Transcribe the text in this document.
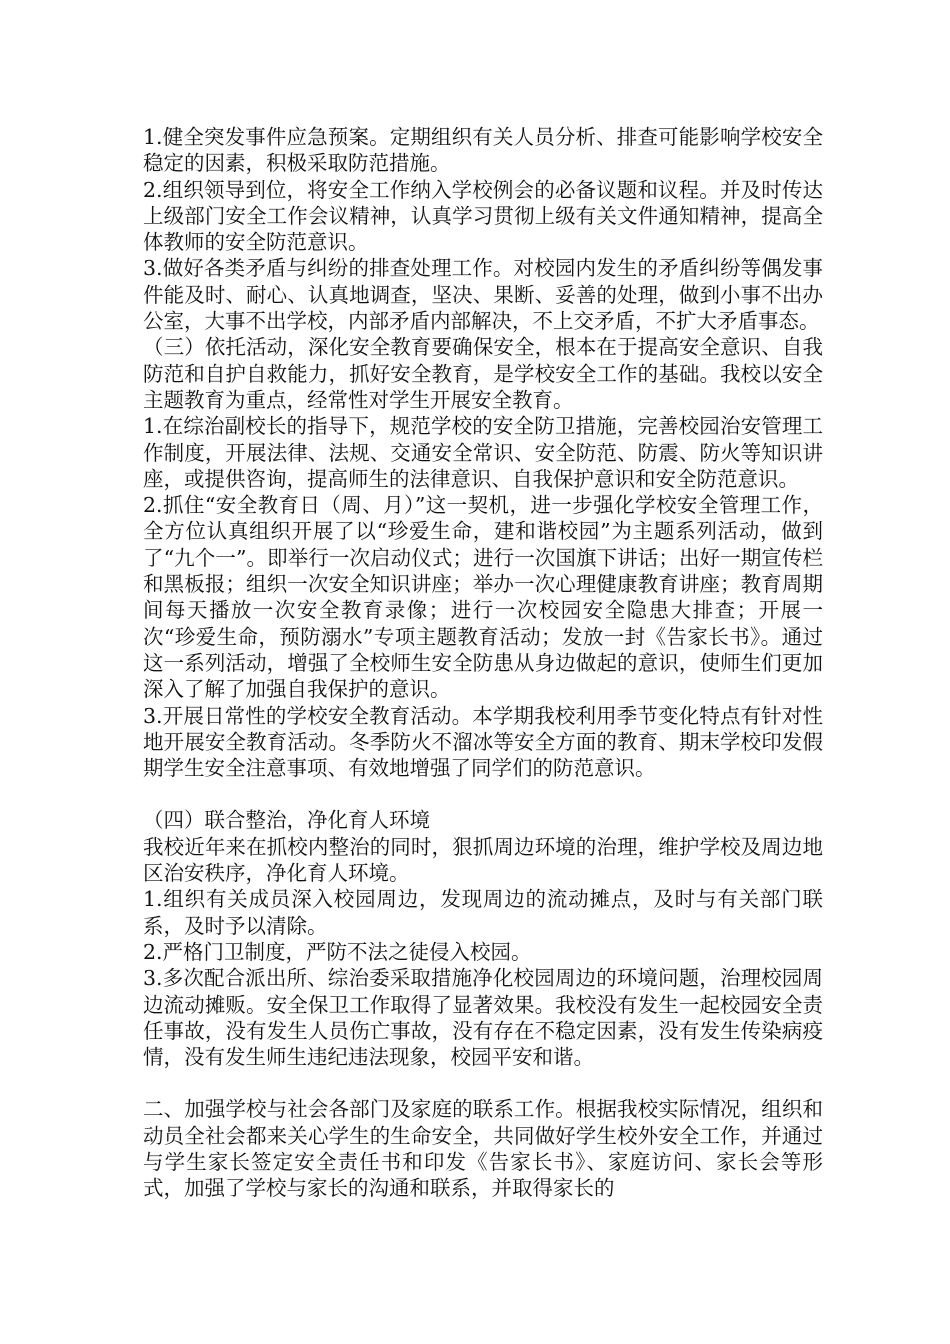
1.健全突发事件应急预案。定期组织有关人员分析、排查可能影响学校安全稳定的因素，积极采取防范措施。

2.组织领导到位，将安全工作纳入学校例会的必备议题和议程。并及时传达上级部门安全工作会议精神，认真学习贯彻上级有关文件通知精神，提高全体教师的安全防范意识。

3.做好各类矛盾与纠纷的排查处理工作。对校园内发生的矛盾纠纷等偶发事件能及时、耐心、认真地调查，坚决、果断、妥善的处理，做到小事不出办公室，大事不出学校，内部矛盾内部解决，不上交矛盾，不扩大矛盾事态。

（三）依托活动，深化安全教育要确保安全，根本在于提高安全意识、自我防范和自护自救能力，抓好安全教育，是学校安全工作的基础。我校以安全主题教育为重点，经常性对学生开展安全教育。

1.在综治副校长的指导下，规范学校的安全防卫措施，完善校园治安管理工作制度，开展法律、法规、交通安全常识、安全防范、防震、防火等知识讲座，或提供咨询，提高师生的法律意识、自我保护意识和安全防范意识。

2.抓住“安全教育日（周、月）”这一契机，进一步强化学校安全管理工作，全方位认真组织开展了以“珍爱生命，建和谐校园”为主题系列活动，做到了“九个一”。即举行一次启动仪式；进行一次国旗下讲话；出好一期宣传栏和黑板报；组织一次安全知识讲座；举办一次心理健康教育讲座；教育周期间每天播放一次安全教育录像；进行一次校园安全隐患大排查；开展一次“珍爱生命，预防溺水”专项主题教育活动；发放一封《告家长书》。通过这一系列活动，增强了全校师生安全防患从身边做起的意识，使师生们更加深入了解了加强自我保护的意识。

3.开展日常性的学校安全教育活动。本学期我校利用季节变化特点有针对性地开展安全教育活动。冬季防火不溜冰等安全方面的教育、期末学校印发假期学生安全注意事项、有效地增强了同学们的防范意识。

（四）联合整治，净化育人环境

我校近年来在抓校内整治的同时，狠抓周边环境的治理，维护学校及周边地区治安秩序，净化育人环境。

1.组织有关成员深入校园周边，发现周边的流动摊点，及时与有关部门联系，及时予以清除。

2.严格门卫制度，严防不法之徒侵入校园。

3.多次配合派出所、综治委采取措施净化校园周边的环境问题，治理校园周边流动摊贩。安全保卫工作取得了显著效果。我校没有发生一起校园安全责任事故，没有发生人员伤亡事故，没有存在不稳定因素，没有发生传染病疫情，没有发生师生违纪违法现象，校园平安和谐。

二、加强学校与社会各部门及家庭的联系工作。根据我校实际情况，组织和动员全社会都来关心学生的生命安全，共同做好学生校外安全工作，并通过与学生家长签定安全责任书和印发《告家长书》、家庭访问、家长会等形式，加强了学校与家长的沟通和联系，并取得家长的
